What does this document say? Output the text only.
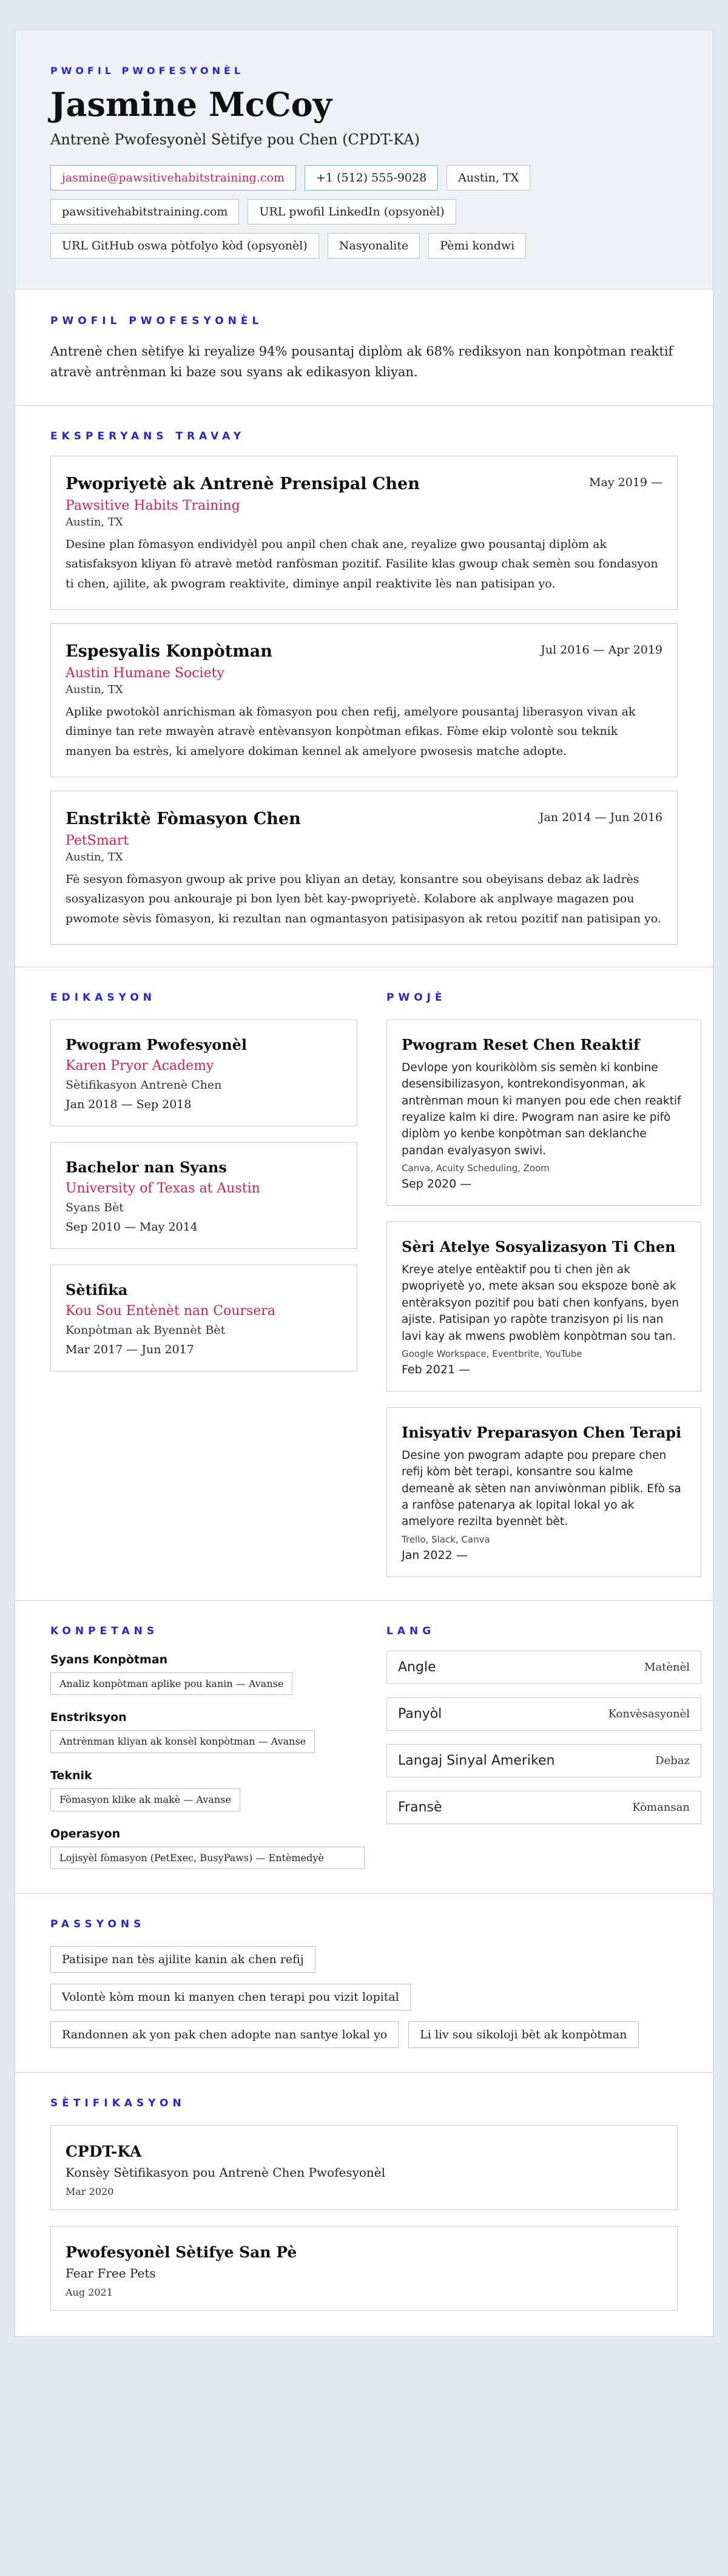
PWOFIL PWOFESYONÈL
Jasmine McCoy
Antrenè Pwofesyonèl Sètifye pou Chen (CPDT-KA)
jasmine@pawsitivehabitstraining.com	+1 (512) 555-9028	Austin, TX
pawsitivehabitstraining.com	URL pwofil LinkedIn (opsyonèl)
URL GitHub oswa pòtfolyo kòd (opsyonèl)	Nasyonalite	Pèmi kondwi
PWOFIL PWOFESYONÈL

Antrenè chen sètifye ki reyalize 94% pousantaj diplòm ak 68% rediksyon nan konpòtman reaktif atravè antrènman ki baze sou syans ak edikasyon kliyan.

EKSPERYANS TRAVAY
Pwopriyetè ak Antrenè Prensipal Chen	May 2019 —
Pawsitive Habits Training
Austin, TX

Desine plan fòmasyon endividyèl pou anpil chen chak ane, reyalize gwo pousantaj diplòm ak satisfaksyon kliyan fò atravè metòd ranfòsman pozitif. Fasilite klas gwoup chak semèn sou fondasyon ti chen, ajilite, ak pwogram reaktivite, diminye anpil reaktivite lès nan patisipan yo.

Espesyalis Konpòtman	Jul 2016 — Apr 2019
Austin Humane Society
Austin, TX

Aplike pwotokòl anrichisman ak fòmasyon pou chen refij, amelyore pousantaj liberasyon vivan ak diminye tan rete mwayèn atravè entèvansyon konpòtman efikas. Fòme ekip volontè sou teknik manyen ba estrès, ki amelyore dokiman kennel ak amelyore pwosesis matche adopte.

Enstriktè Fòmasyon Chen	Jan 2014 — Jun 2016
PetSmart
Austin, TX

Fè sesyon fòmasyon gwoup ak prive pou kliyan an detay, konsantre sou obeyisans debaz ak ladrès sosyalizasyon pou ankouraje pi bon lyen bèt kay-pwopriyetè. Kolabore ak anplwaye magazen pou pwomote sèvis fòmasyon, ki rezultan nan ogmantasyon patisipasyon ak retou pozitif nan patisipan yo.

EDIKASYON
Pwogram Pwofesyonèl
Karen Pryor Academy
Sètifikasyon Antrenè Chen
Jan 2018 — Sep 2018
Bachelor nan Syans
University of Texas at Austin
Syans Bèt
Sep 2010 — May 2014
Sètifika
Kou Sou Entènèt nan Coursera
Konpòtman ak Byennèt Bèt
Mar 2017 — Jun 2017
PWOJÈ
Pwogram Reset Chen Reaktif

Devlope yon kourikòlòm sis semèn ki konbine desensibilizasyon, kontrekondisyonman, ak antrènman moun ki manyen pou ede chen reaktif reyalize kalm ki dire. Pwogram nan asire ke pifò diplòm yo kenbe konpòtman san deklanche pandan evalyasyon swivi.

Canva, Acuity Scheduling, Zoom
Sep 2020 —
Sèri Atelye Sosyalizasyon Ti Chen

Kreye atelye entèaktif pou ti chen jèn ak pwopriyetè yo, mete aksan sou ekspoze bonè ak entèraksyon pozitif pou bati chen konfyans, byen ajiste. Patisipan yo rapòte tranzisyon pi lis nan lavi kay ak mwens pwoblèm konpòtman sou tan.

Google Workspace, Eventbrite, YouTube
Feb 2021 —
Inisyativ Preparasyon Chen Terapi

Desine yon pwogram adapte pou prepare chen refij kòm bèt terapi, konsantre sou kalme demeanè ak sèten nan anviwònman piblik. Efò sa a ranfòse patenarya ak lopital lokal yo ak amelyore rezilta byennèt bèt.

Trello, Slack, Canva
Jan 2022 —
KONPETANS
Syans Konpòtman
Analiz konpòtman aplike pou kanin — Avanse
Enstriksyon
Antrènman kliyan ak konsèl konpòtman — Avanse
Teknik
Fòmasyon klike ak makè — Avanse
Operasyon
Lojisyèl fòmasyon (PetExec, BusyPaws) — Entèmedyè
LANG
Angle	Matènèl
Panyòl	Konvèsasyonèl
Langaj Sinyal Ameriken	Debaz
Fransè	Kòmansan
PASSYONS
Patisipe nan tès ajilite kanin ak chen refij
Volontè kòm moun ki manyen chen terapi pou vizit lopital
Randonnen ak yon pak chen adopte nan santye lokal yo	Li liv sou sikoloji bèt ak konpòtman
SÈTIFIKASYON
CPDT-KA
Konsèy Sètifikasyon pou Antrenè Chen Pwofesyonèl
Mar 2020
Pwofesyonèl Sètifye San Pè
Fear Free Pets
Aug 2021
